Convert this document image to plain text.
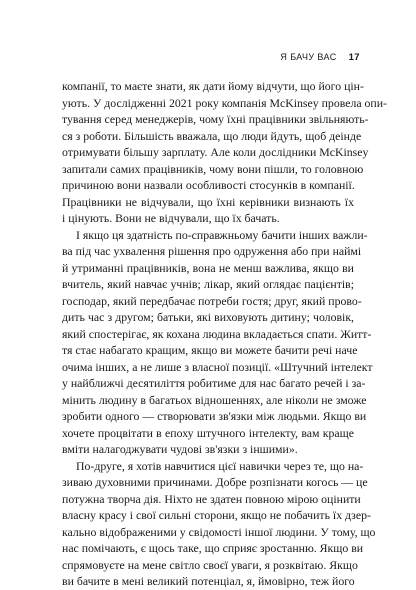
Я БАЧУ ВАС 17
компанії, то маєте знати, як дати йому відчути, що його цін-
ують. У дослідженні 2021 року компанія McKinsey провела опи-
тування серед менеджерів, чому їхні працівники звільняють-
ся з роботи. Більшість вважала, що люди йдуть, щоб деінде
отримувати більшу зарплату. Але коли дослідники McKinsey
запитали самих працівників, чому вони пішли, то головною
причиною вони назвали особливості стосунків в компанії.
Працівники не відчували, що їхні керівники визнають їх
і цінують. Вони не відчували, що їх бачать.
І якщо ця здатність по-справжньому бачити інших важли-
ва під час ухвалення рішення про одруження або при наймі
й утриманні працівників, вона не менш важлива, якщо ви
вчитель, який навчає учнів; лікар, який оглядає пацієнтів;
господар, який передбачає потреби гостя; друг, який прово-
дить час з другом; батьки, які виховують дитину; чоловік,
який спостерігає, як кохана людина вкладається спати. Житт-
тя стає набагато кращим, якщо ви можете бачити речі наче
очима інших, а не лише з власної позиції. «Штучний інтелект
у найближчі десятиліття робитиме для нас багато речей і за-
мінить людину в багатьох відношеннях, але ніколи не зможе
зробити одного — створювати зв'язки між людьми. Якщо ви
хочете процвітати в епоху штучного інтелекту, вам краще
вміти налагоджувати чудові зв'язки з іншими».
По-друге, я хотів навчитися цієї навички через те, що на-
зиваю духовними причинами. Добре розпізнати когось — це
потужна творча дія. Ніхто не здатен повною мірою оцінити
власну красу і свої сильні сторони, якщо не побачить їх дзер-
кально відображеними у свідомості іншої людини. У тому, що
нас помічають, є щось таке, що сприяє зростанню. Якщо ви
спрямовуєте на мене світло своєї уваги, я розквітаю. Якщо
ви бачите в мені великий потенціал, я, ймовірно, теж його
